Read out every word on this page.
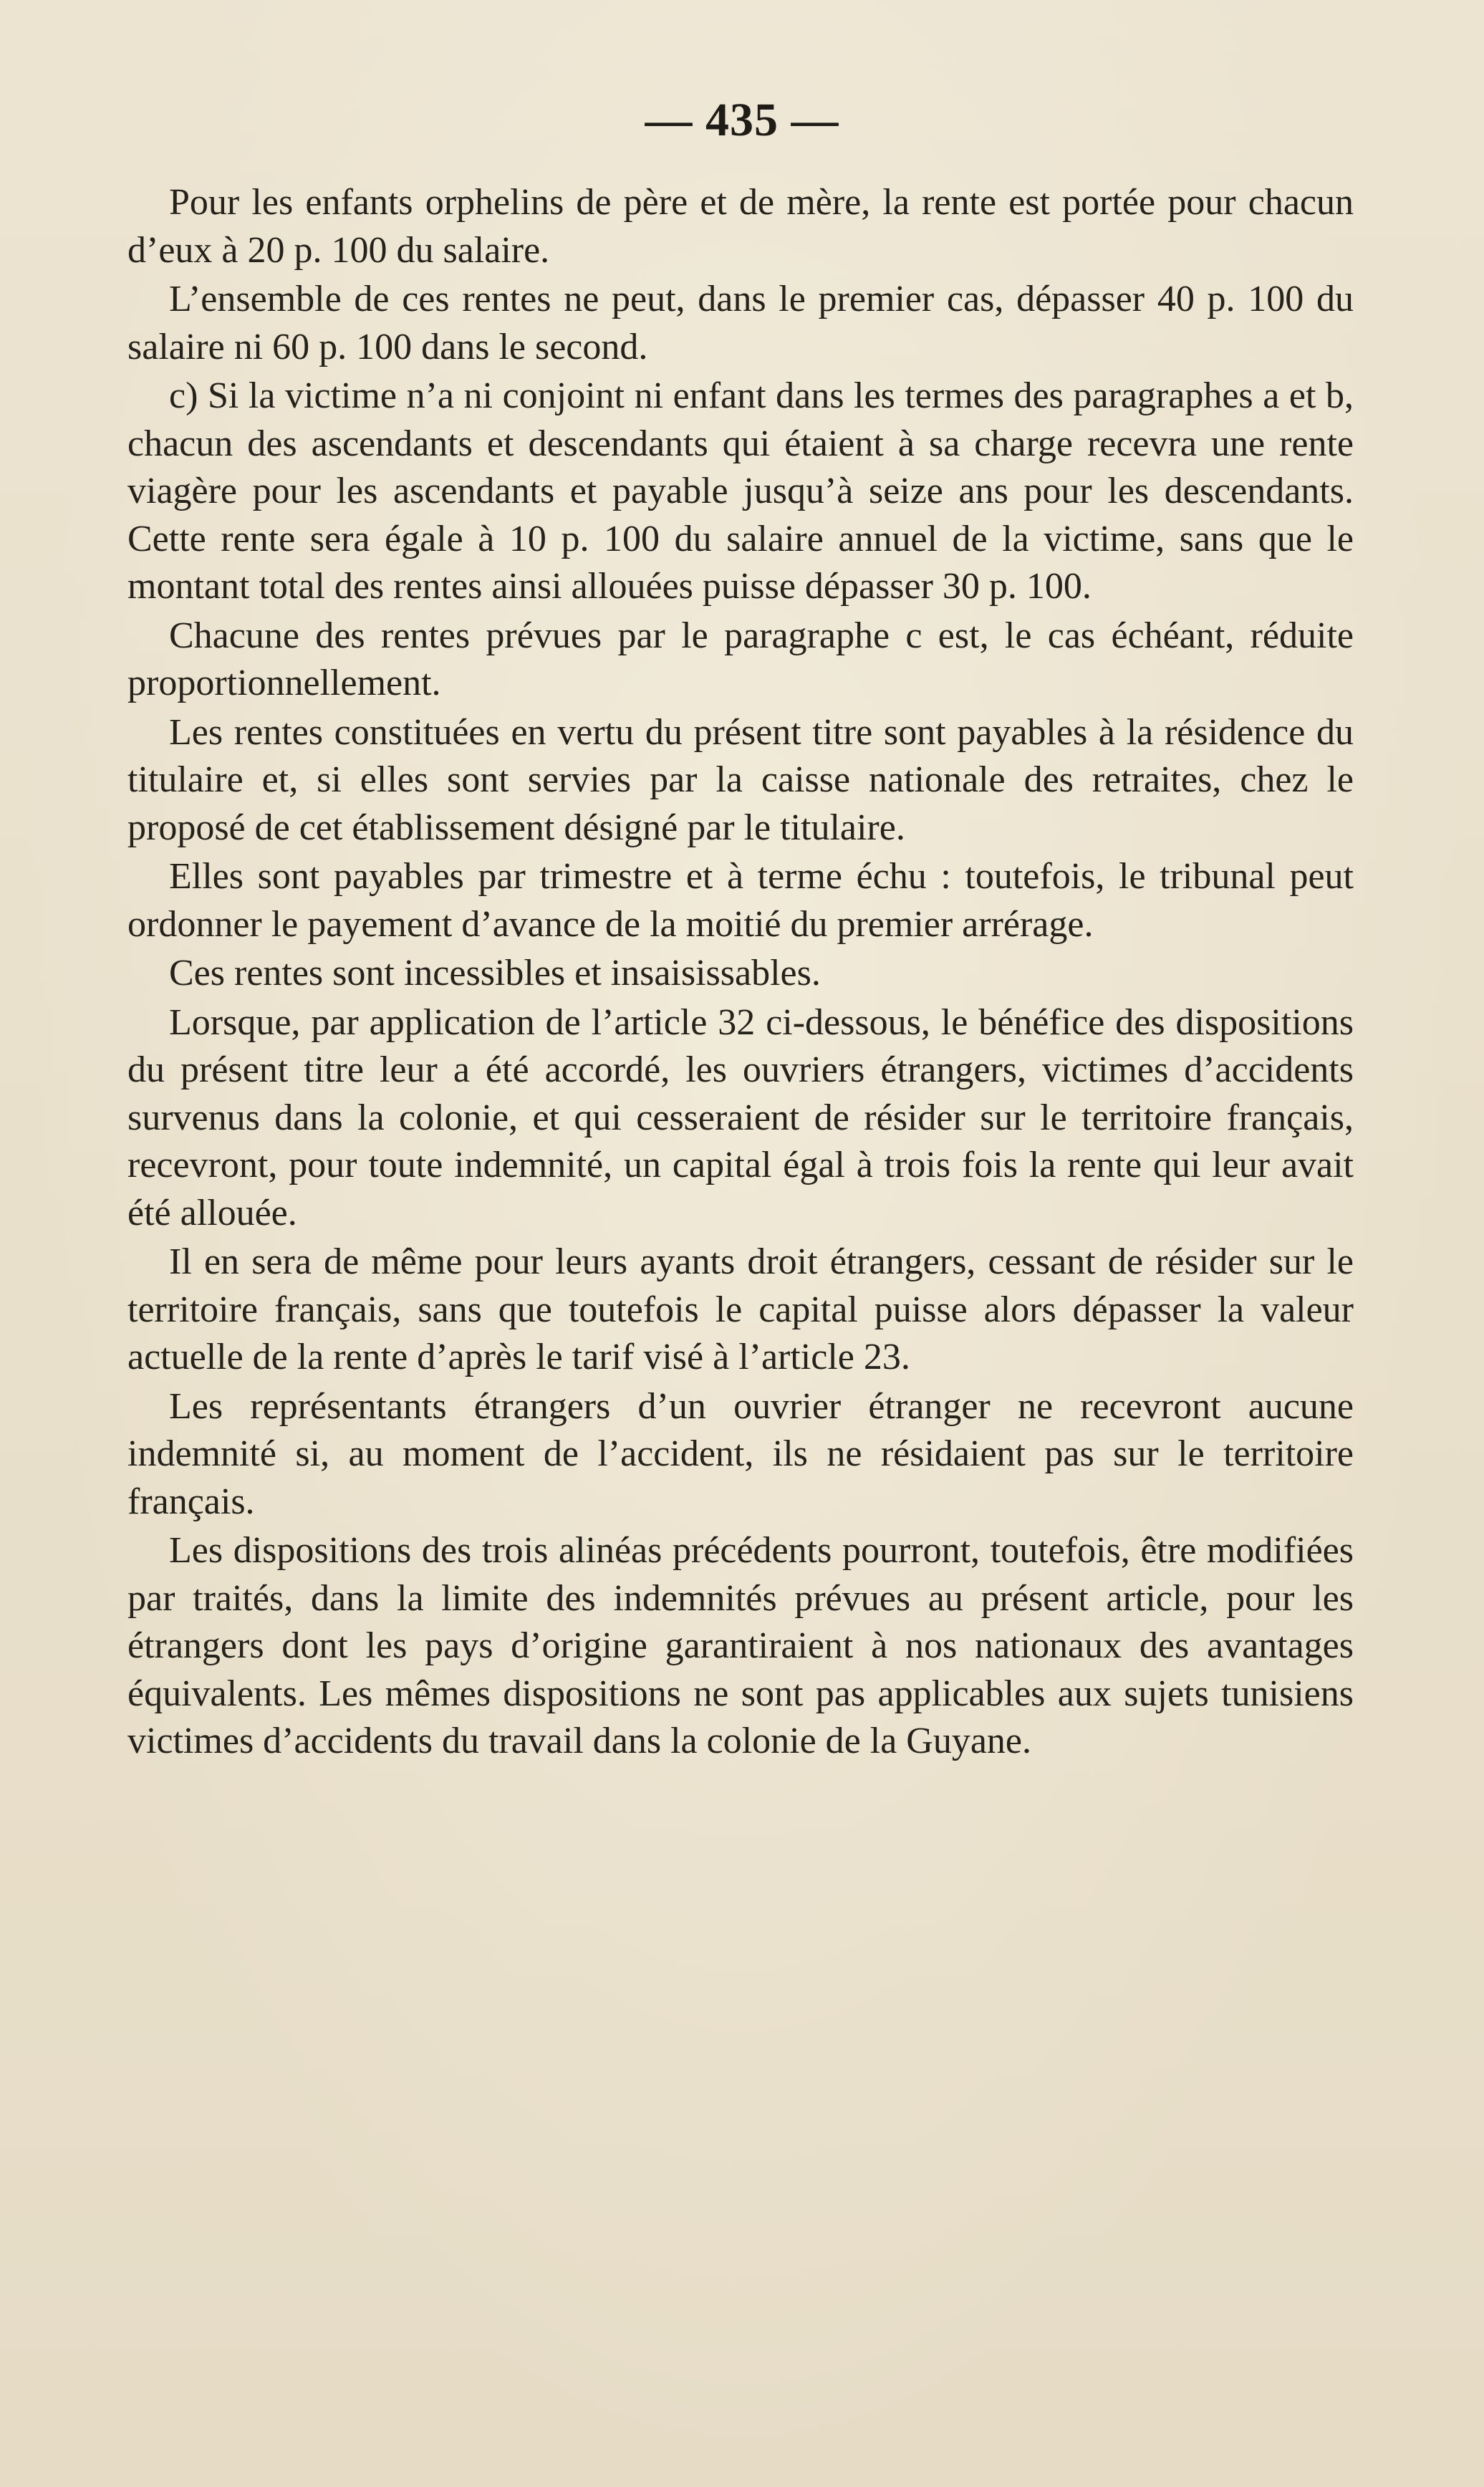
— 435 —

Pour les enfants orphelins de père et de mère, la rente est portée pour chacun d’eux à 20 p. 100 du salaire.

L’ensemble de ces rentes ne peut, dans le premier cas, dépasser 40 p. 100 du salaire ni 60 p. 100 dans le second.

c) Si la victime n’a ni conjoint ni enfant dans les termes des paragraphes a et b, chacun des ascendants et descendants qui étaient à sa charge recevra une rente viagère pour les ascendants et payable jusqu’à seize ans pour les descendants. Cette rente sera égale à 10 p. 100 du salaire annuel de la victime, sans que le montant total des rentes ainsi allouées puisse dépasser 30 p. 100.

Chacune des rentes prévues par le paragraphe c est, le cas échéant, réduite proportionnellement.

Les rentes constituées en vertu du présent titre sont payables à la résidence du titulaire et, si elles sont servies par la caisse nationale des retraites, chez le proposé de cet établissement désigné par le titulaire.

Elles sont payables par trimestre et à terme échu : toutefois, le tribunal peut ordonner le payement d’avance de la moitié du premier arrérage.

Ces rentes sont incessibles et insaisissables.

Lorsque, par application de l’article 32 ci-dessous, le bénéfice des dispositions du présent titre leur a été accordé, les ouvriers étrangers, victimes d’accidents survenus dans la colonie, et qui cesseraient de résider sur le territoire français, recevront, pour toute indemnité, un capital égal à trois fois la rente qui leur avait été allouée.

Il en sera de même pour leurs ayants droit étrangers, cessant de résider sur le territoire français, sans que toutefois le capital puisse alors dépasser la valeur actuelle de la rente d’après le tarif visé à l’article 23.

Les représentants étrangers d’un ouvrier étranger ne recevront aucune indemnité si, au moment de l’accident, ils ne résidaient pas sur le territoire français.

Les dispositions des trois alinéas précédents pourront, toutefois, être modifiées par traités, dans la limite des indemnités prévues au présent article, pour les étrangers dont les pays d’origine garantiraient à nos nationaux des avantages équivalents. Les mêmes dispositions ne sont pas applicables aux sujets tunisiens victimes d’accidents du travail dans la colonie de la Guyane.
